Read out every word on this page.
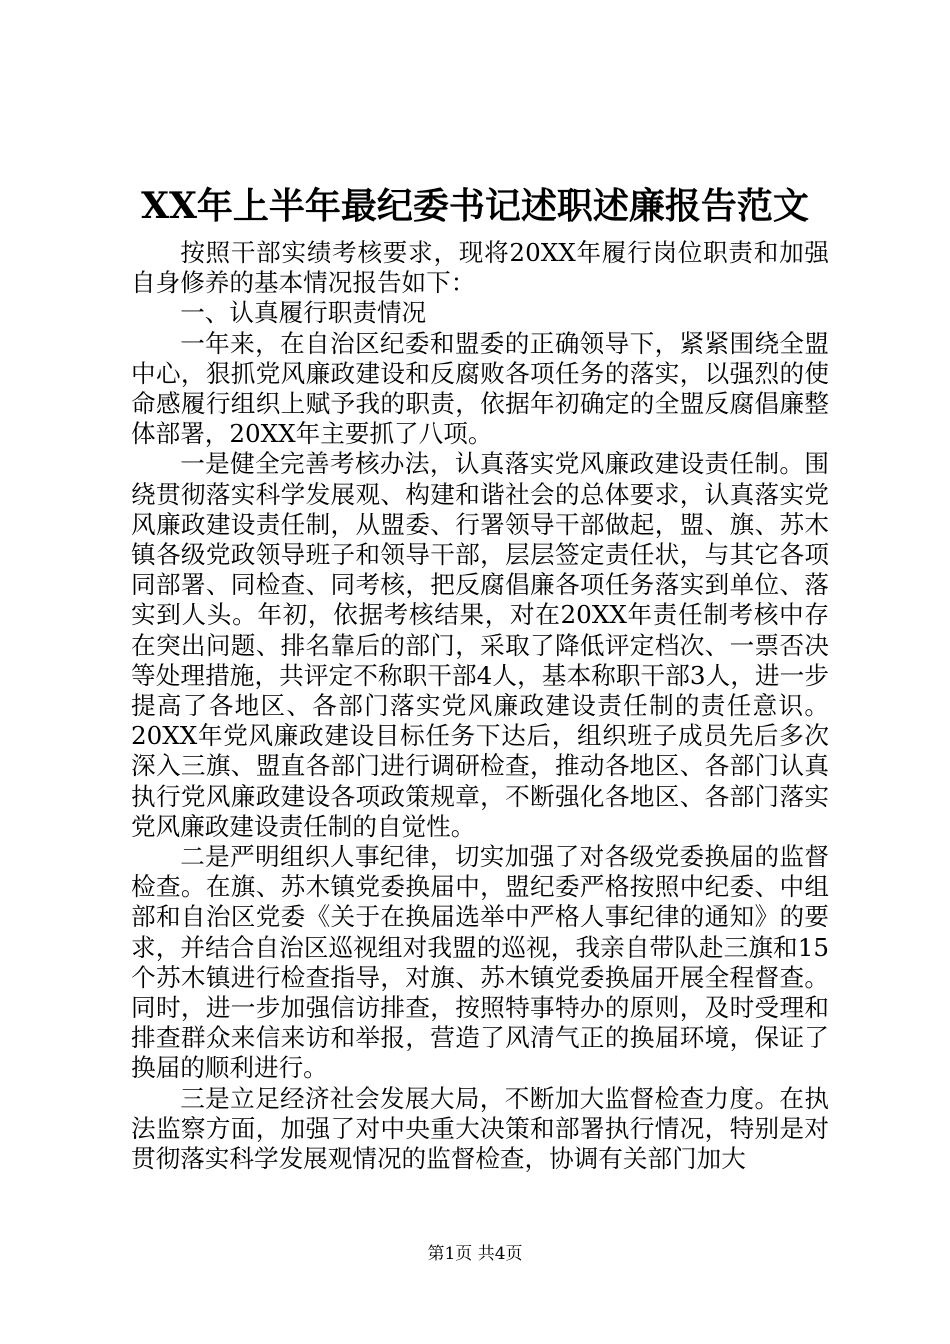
XX年上半年最纪委书记述职述廉报告范文

按照干部实绩考核要求，现将20XX年履行岗位职责和加强自身修养的基本情况报告如下：

一、认真履行职责情况

一年来，在自治区纪委和盟委的正确领导下，紧紧围绕全盟中心，狠抓党风廉政建设和反腐败各项任务的落实，以强烈的使命感履行组织上赋予我的职责，依据年初确定的全盟反腐倡廉整体部署，20XX年主要抓了八项。

一是健全完善考核办法，认真落实党风廉政建设责任制。围绕贯彻落实科学发展观、构建和谐社会的总体要求，认真落实党风廉政建设责任制，从盟委、行署领导干部做起，盟、旗、苏木镇各级党政领导班子和领导干部，层层签定责任状，与其它各项同部署、同检查、同考核，把反腐倡廉各项任务落实到单位、落实到人头。年初，依据考核结果，对在20XX年责任制考核中存在突出问题、排名靠后的部门，采取了降低评定档次、一票否决等处理措施，共评定不称职干部4人，基本称职干部3人，进一步提高了各地区、各部门落实党风廉政建设责任制的责任意识。20XX年党风廉政建设目标任务下达后，组织班子成员先后多次深入三旗、盟直各部门进行调研检查，推动各地区、各部门认真执行党风廉政建设各项政策规章，不断强化各地区、各部门落实党风廉政建设责任制的自觉性。

二是严明组织人事纪律，切实加强了对各级党委换届的监督检查。在旗、苏木镇党委换届中，盟纪委严格按照中纪委、中组部和自治区党委《关于在换届选举中严格人事纪律的通知》的要求，并结合自治区巡视组对我盟的巡视，我亲自带队赴三旗和15个苏木镇进行检查指导，对旗、苏木镇党委换届开展全程督查。同时，进一步加强信访排查，按照特事特办的原则，及时受理和排查群众来信来访和举报，营造了风清气正的换届环境，保证了换届的顺利进行。

三是立足经济社会发展大局，不断加大监督检查力度。在执法监察方面，加强了对中央重大决策和部署执行情况，特别是对贯彻落实科学发展观情况的监督检查，协调有关部门加大

第1页 共4页
